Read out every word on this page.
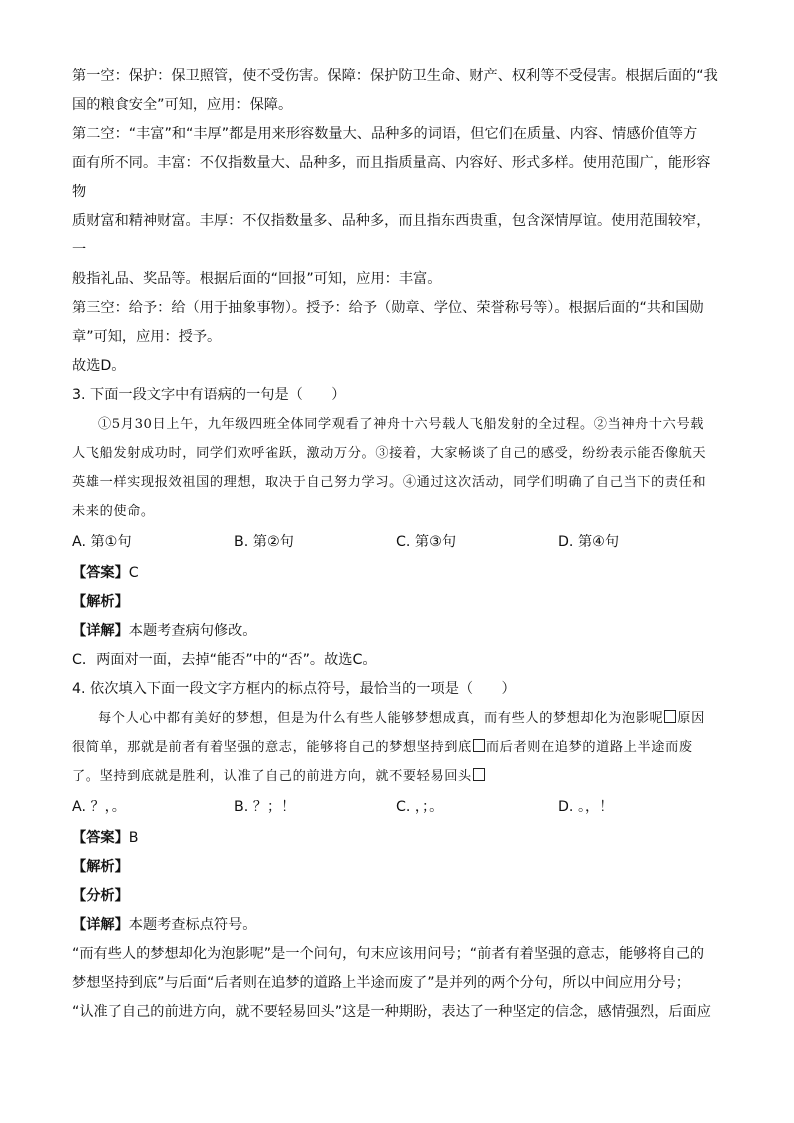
第一空：保护：保卫照管，使不受伤害。保障：保护防卫生命、财产、权利等不受侵害。根据后面的“我

国的粮食安全”可知，应用：保障。

第二空：“丰富”和“丰厚”都是用来形容数量大、品种多的词语，但它们在质量、内容、情感价值等方

面有所不同。丰富：不仅指数量大、品种多，而且指质量高、内容好、形式多样。使用范围广，能形容物

质财富和精神财富。丰厚：不仅指数量多、品种多，而且指东西贵重，包含深情厚谊。使用范围较窄，一

般指礼品、奖品等。根据后面的“回报”可知，应用：丰富。

第三空：给予：给（用于抽象事物）。授予：给予（勋章、学位、荣誉称号等）。根据后面的“共和国勋

章”可知，应用：授予。

故选D。

3. 下面一段文字中有语病的一句是（　　）

①5月30日上午，九年级四班全体同学观看了神舟十六号载人飞船发射的全过程。②当神舟十六号载

人飞船发射成功时，同学们欢呼雀跃，激动万分。③接着，大家畅谈了自己的感受，纷纷表示能否像航天

英雄一样实现报效祖国的理想，取决于自己努力学习。④通过这次活动，同学们明确了自己当下的责任和

未来的使命。

A. 第①句	B. 第②句	C. 第③句	D. 第④句

【答案】C

【解析】

【详解】本题考查病句修改。

C．两面对一面，去掉“能否”中的“否”。故选C。

4. 依次填入下面一段文字方框内的标点符号，最恰当的一项是（　　）

每个人心中都有美好的梦想，但是为什么有些人能够梦想成真，而有些人的梦想却化为泡影呢 原因

很简单，那就是前者有着坚强的意志，能够将自己的梦想坚持到底 而后者则在追梦的道路上半途而废

了。坚持到底就是胜利，认准了自己的前进方向，就不要轻易回头

A. ？，。	B. ？；！	C. ，；。	D. 。，！

【答案】B

【解析】

【分析】

【详解】本题考查标点符号。

“而有些人的梦想却化为泡影呢”是一个问句，句末应该用问号；“前者有着坚强的意志，能够将自己的

梦想坚持到底”与后面“后者则在追梦的道路上半途而废了”是并列的两个分句，所以中间应用分号；

“认准了自己的前进方向，就不要轻易回头”这是一种期盼，表达了一种坚定的信念，感情强烈，后面应
